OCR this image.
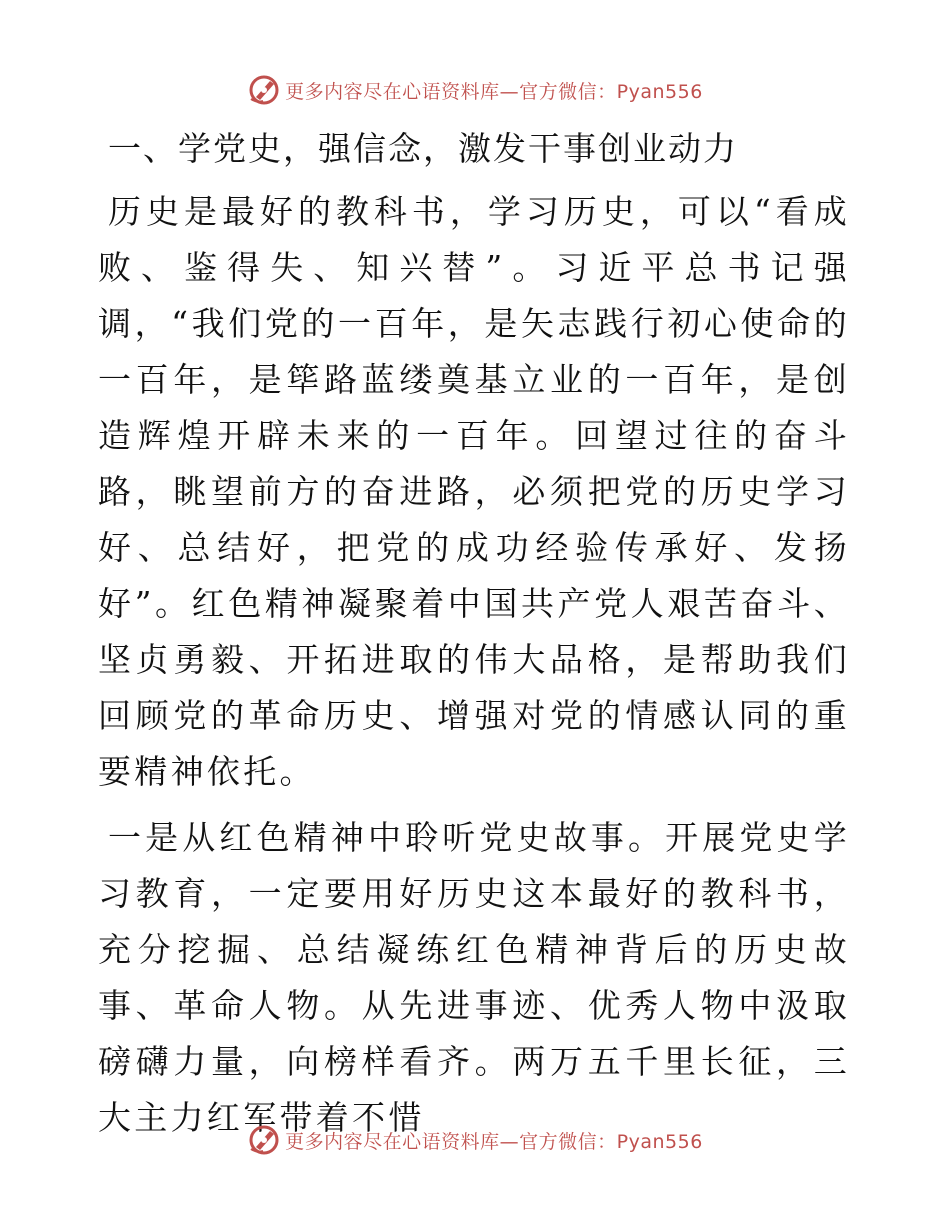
更多内容尽在心语资料库—官方微信：Pyan556
一、学党史，强信念，激发干事创业动力

历史是最好的教科书，学习历史，可以“看成败、鉴得失、知兴替”。习近平总书记强调，“我们党的一百年，是矢志践行初心使命的一百年，是筚路蓝缕奠基立业的一百年，是创造辉煌开辟未来的一百年。回望过往的奋斗路，眺望前方的奋进路，必须把党的历史学习好、总结好，把党的成功经验传承好、发扬好”。红色精神凝聚着中国共产党人艰苦奋斗、坚贞勇毅、开拓进取的伟大品格，是帮助我们回顾党的革命历史、增强对党的情感认同的重要精神依托。

一是从红色精神中聆听党史故事。开展党史学习教育，一定要用好历史这本最好的教科书，充分挖掘、总结凝练红色精神背后的历史故事、革命人物。从先进事迹、优秀人物中汲取磅礴力量，向榜样看齐。两万五千里长征，三大主力红军带着不惜

更多内容尽在心语资料库—官方微信：Pyan556
